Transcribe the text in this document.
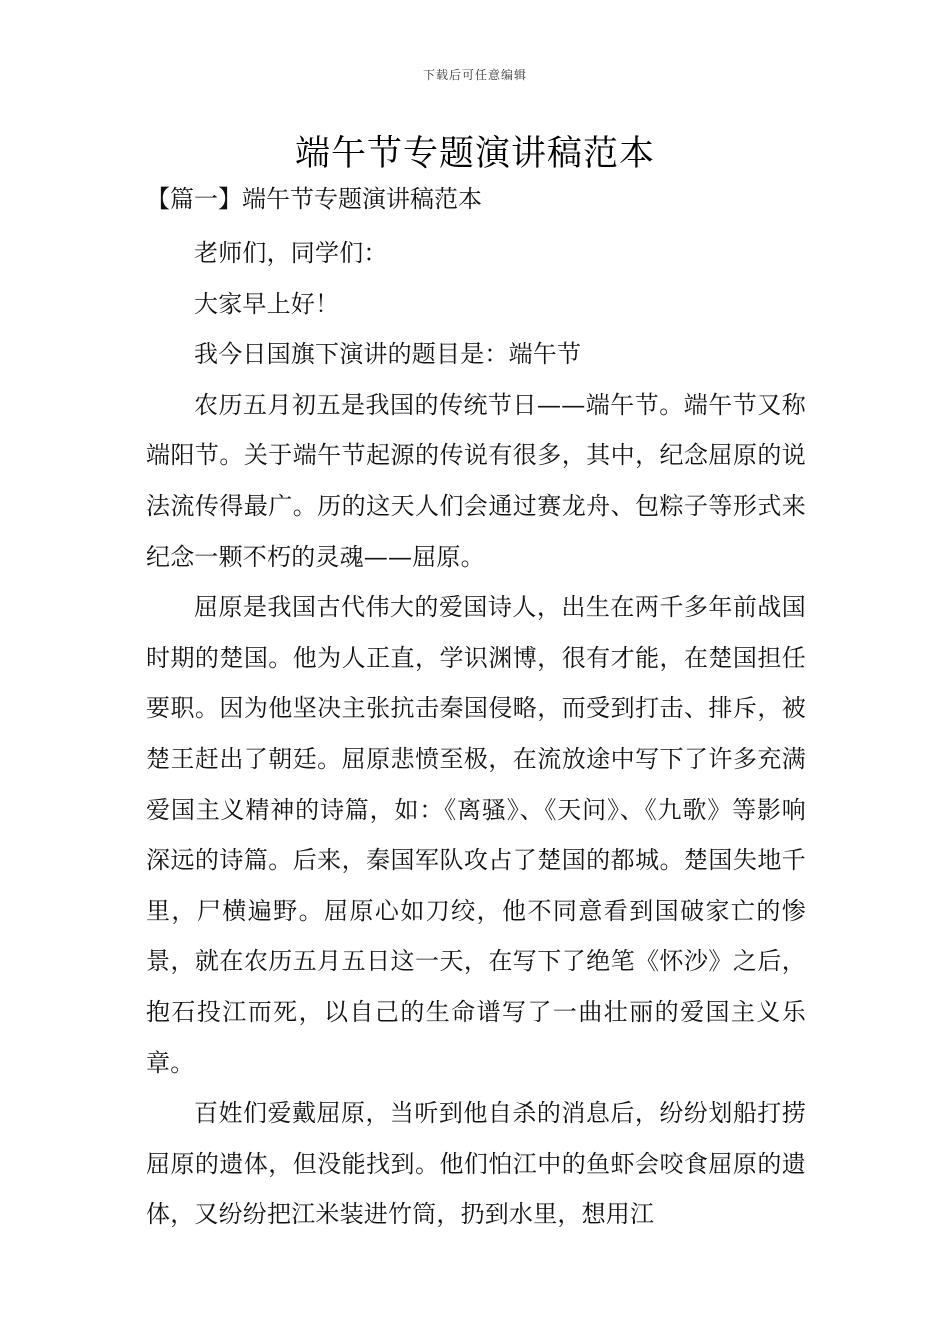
下载后可任意编辑
端午节专题演讲稿范本
【篇一】端午节专题演讲稿范本

老师们，同学们：

大家早上好！

我今日国旗下演讲的题目是：端午节

农历五月初五是我国的传统节日——端午节。端午节又称端阳节。关于端午节起源的传说有很多，其中，纪念屈原的说法流传得最广。历的这天人们会通过赛龙舟、包粽子等形式来纪念一颗不朽的灵魂——屈原。

屈原是我国古代伟大的爱国诗人，出生在两千多年前战国时期的楚国。他为人正直，学识渊博，很有才能，在楚国担任要职。因为他坚决主张抗击秦国侵略，而受到打击、排斥，被楚王赶出了朝廷。屈原悲愤至极，在流放途中写下了许多充满爱国主义精神的诗篇，如：《离骚》、《天问》、《九歌》等影响深远的诗篇。后来，秦国军队攻占了楚国的都城。楚国失地千里，尸横遍野。屈原心如刀绞，他不同意看到国破家亡的惨景，就在农历五月五日这一天，在写下了绝笔《怀沙》之后，抱石投江而死，以自己的生命谱写了一曲壮丽的爱国主义乐章。

百姓们爱戴屈原，当听到他自杀的消息后，纷纷划船打捞屈原的遗体，但没能找到。他们怕江中的鱼虾会咬食屈原的遗体，又纷纷把江米装进竹筒，扔到水里，想用江
